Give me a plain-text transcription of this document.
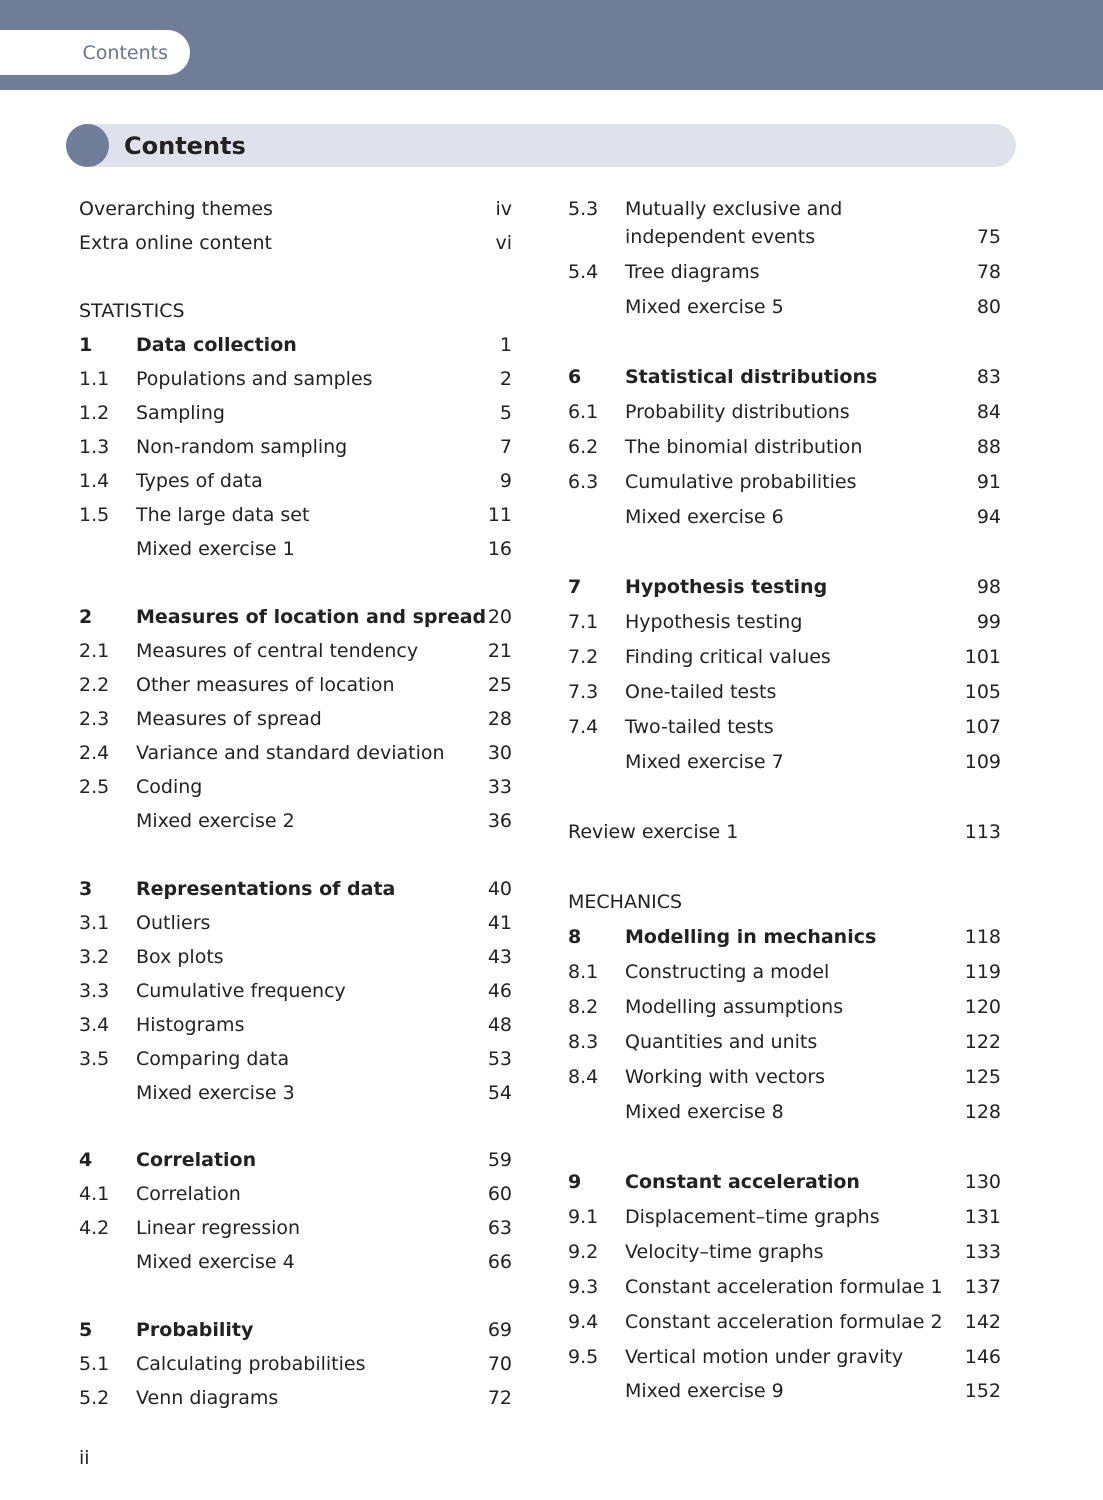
Contents
Contents
Overarching themes	iv
Extra online content	vi
STATISTICS
1 Data collection	1
1.1 Populations and samples	2
1.2 Sampling	5
1.3 Non-random sampling	7
1.4 Types of data	9
1.5 The large data set	11
Mixed exercise 1	16
2 Measures of location and spread 20
2.1 Measures of central tendency	21
2.2 Other measures of location	25
2.3 Measures of spread	28
2.4 Variance and standard deviation 30
2.5 Coding	33
Mixed exercise 2	36
3 Representations of data	40
3.1 Outliers	41
3.2 Box plots	43
3.3 Cumulative frequency	46
3.4 Histograms	48
3.5 Comparing data	53
Mixed exercise 3	54
4 Correlation	59
4.1 Correlation	60
4.2 Linear regression	63
Mixed exercise 4	66
5 Probability	69
5.1 Calculating probabilities	70
5.2 Venn diagrams	72
5.3 Mutually exclusive and independent events	75
5.4 Tree diagrams	78
Mixed exercise 5	80
6 Statistical distributions	83
6.1 Probability distributions	84
6.2 The binomial distribution	88
6.3 Cumulative probabilities	91
Mixed exercise 6	94
7 Hypothesis testing	98
7.1 Hypothesis testing	99
7.2 Finding critical values	101
7.3 One-tailed tests	105
7.4 Two-tailed tests	107
Mixed exercise 7	109
Review exercise 1	113
MECHANICS
8 Modelling in mechanics	118
8.1 Constructing a model	119
8.2 Modelling assumptions	120
8.3 Quantities and units	122
8.4 Working with vectors	125
Mixed exercise 8	128
9 Constant acceleration	130
9.1 Displacement–time graphs	131
9.2 Velocity–time graphs	133
9.3 Constant acceleration formulae 1 137
9.4 Constant acceleration formulae 2 142
9.5 Vertical motion under gravity	146
Mixed exercise 9	152
ii
